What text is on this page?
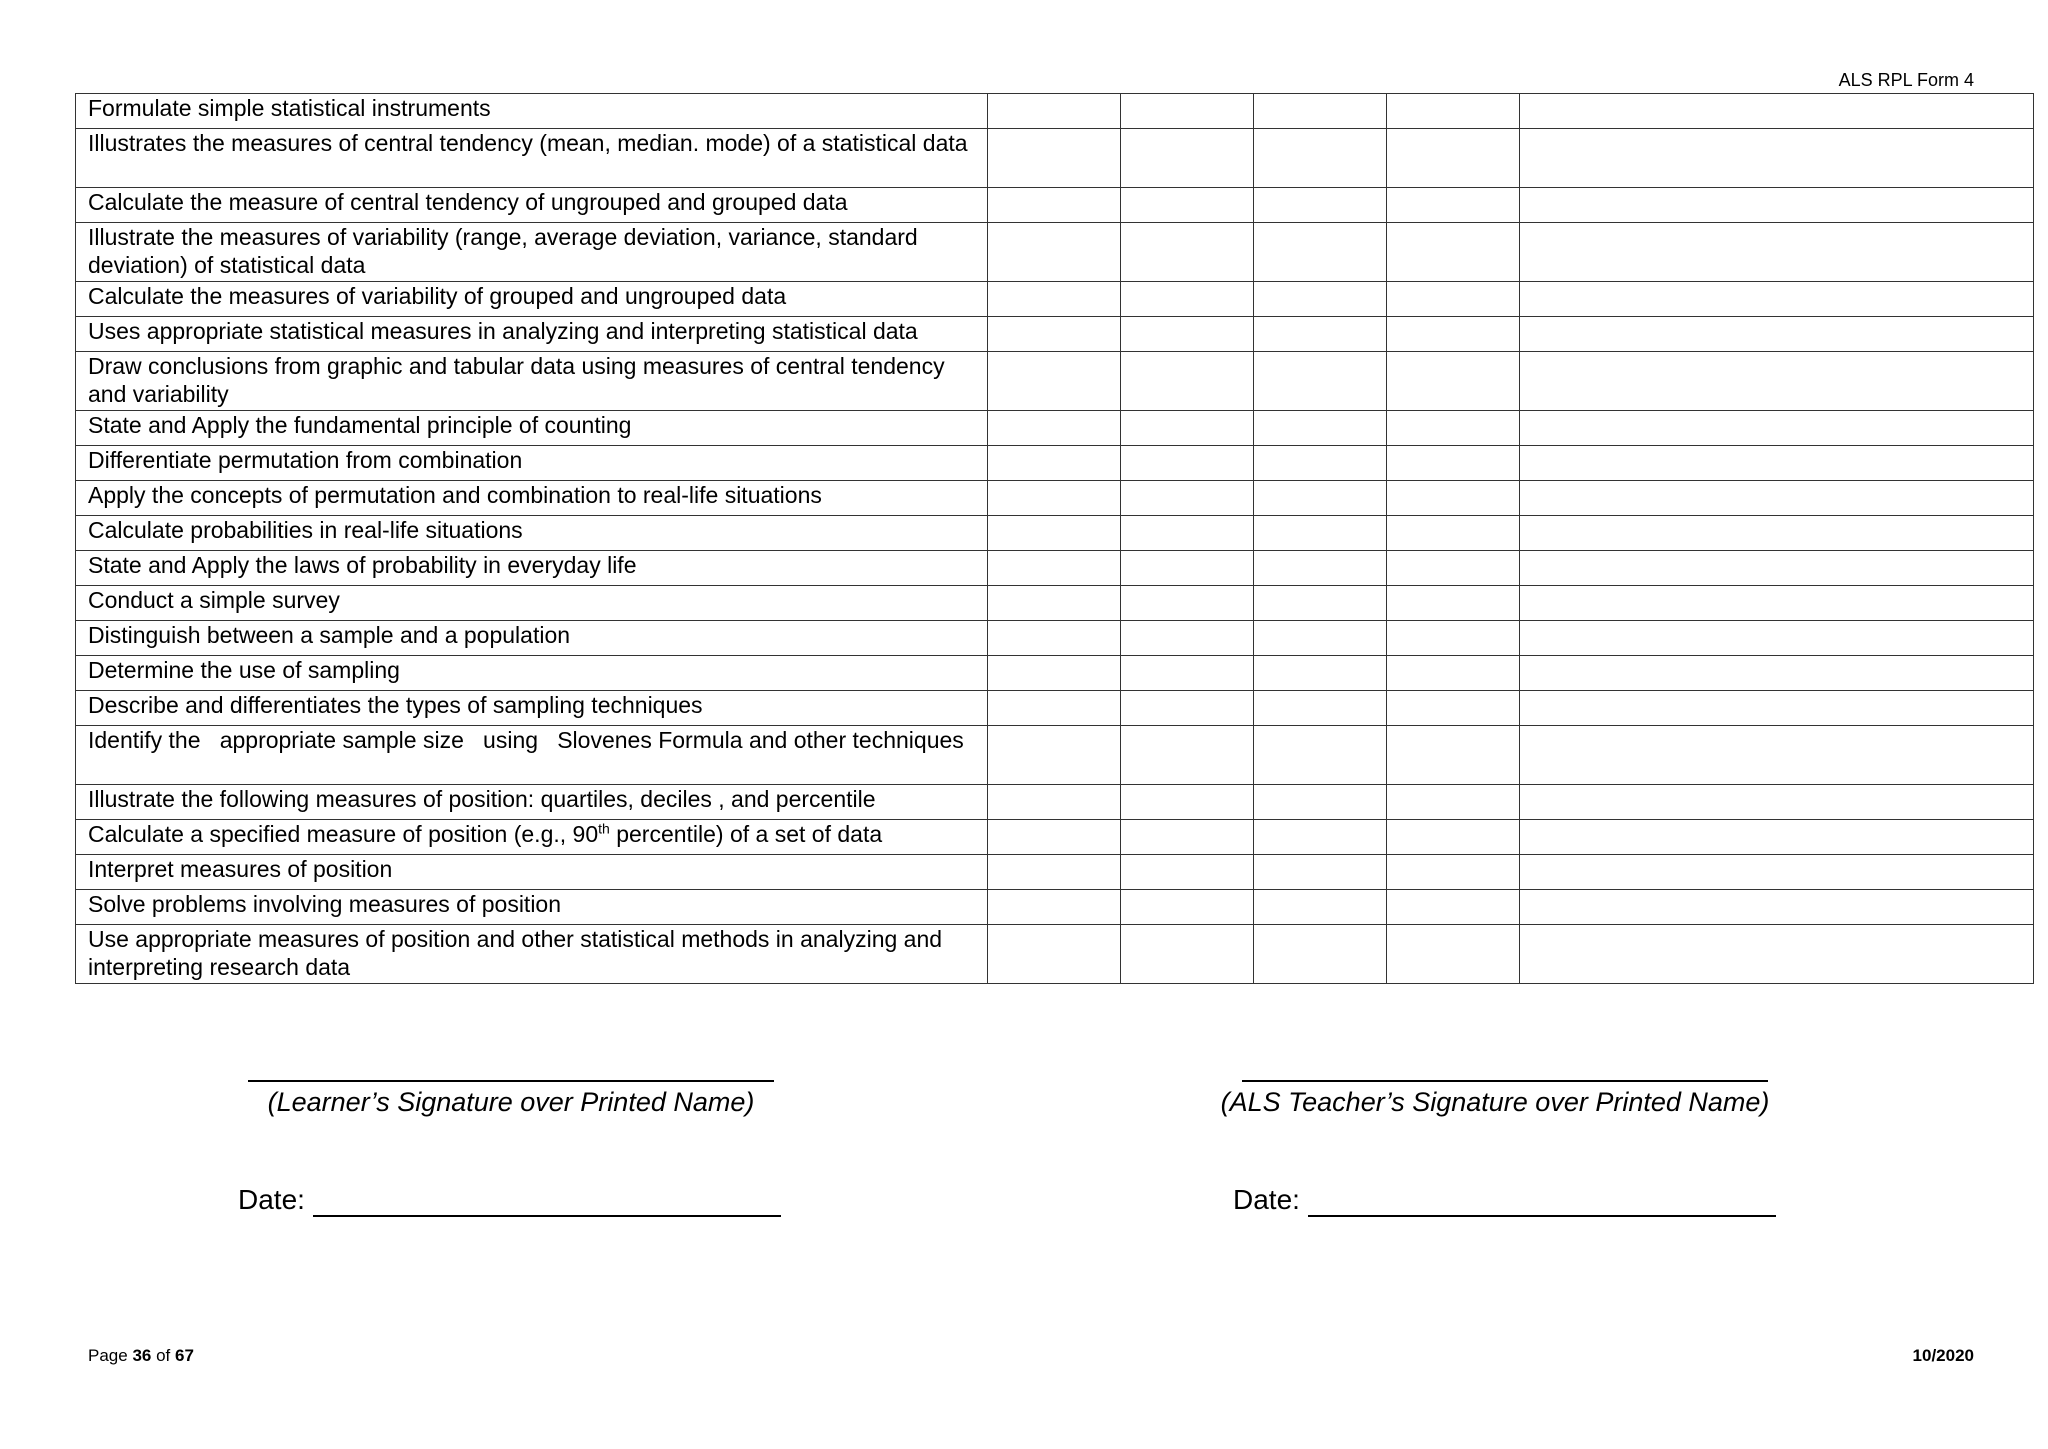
ALS RPL Form 4
Formulate simple statistical instruments					
Illustrates the measures of central tendency (mean, median. mode) of a statistical data					
Calculate the measure of central tendency of ungrouped and grouped data					
Illustrate the measures of variability (range, average deviation, variance, standard deviation) of statistical data					
Calculate the measures of variability of grouped and ungrouped data					
Uses appropriate statistical measures in analyzing and interpreting statistical data					
Draw conclusions from graphic and tabular data using measures of central tendency and variability					
State and Apply the fundamental principle of counting					
Differentiate permutation from combination					
Apply the concepts of permutation and combination to real-life situations					
Calculate probabilities in real-life situations					
State and Apply the laws of probability in everyday life					
Conduct a simple survey					
Distinguish between a sample and a population					
Determine the use of sampling					
Describe and differentiates the types of sampling techniques					
Identify the   appropriate sample size   using   Slovenes Formula and other techniques					
Illustrate the following measures of position: quartiles, deciles , and percentile					
Calculate a specified measure of position (e.g., 90th percentile) of a set of data					
Interpret measures of position					
Solve problems involving measures of position					
Use appropriate measures of position and other statistical methods in analyzing and interpreting research data					
(Learner’s Signature over Printed Name)	(ALS Teacher’s Signature over Printed Name)
Date:	Date:
Page 36 of 67	10/2020
